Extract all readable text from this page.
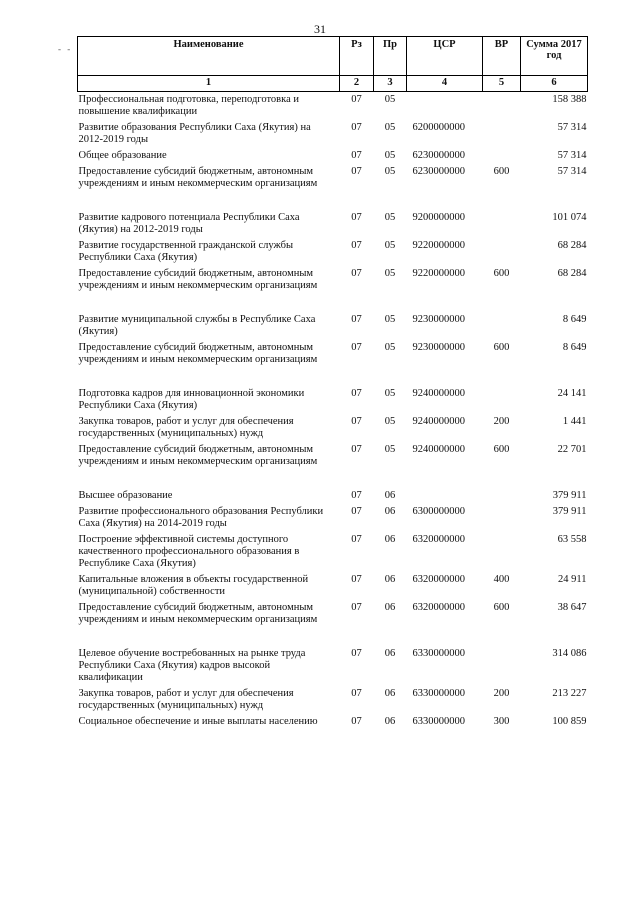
31
- -	Наименование	Рз	Пр	ЦСР	ВР	Сумма 2017 год
1	2	3	4	5	6
Профессиональная подготовка, переподготовка и повышение квалификации	07	05			158 388
Развитие образования Республики Саха (Якутия) на 2012-2019 годы	07	05	6200000000		57 314
Общее образование	07	05	6230000000		57 314
Предоставление субсидий бюджетным, автономным учреждениям и иным некоммерческим организациям	07	05	6230000000	600	57 314
Развитие кадрового потенциала Республики Саха (Якутия) на 2012-2019 годы	07	05	9200000000		101 074
Развитие государственной гражданской службы Республики Саха (Якутия)	07	05	9220000000		68 284
Предоставление субсидий бюджетным, автономным учреждениям и иным некоммерческим организациям	07	05	9220000000	600	68 284
Развитие муниципальной службы в Республике Саха (Якутия)	07	05	9230000000		8 649
Предоставление субсидий бюджетным, автономным учреждениям и иным некоммерческим организациям	07	05	9230000000	600	8 649
Подготовка кадров для инновационной экономики Республики Саха (Якутия)	07	05	9240000000		24 141
Закупка товаров, работ и услуг для обеспечения государственных (муниципальных) нужд	07	05	9240000000	200	1 441
Предоставление субсидий бюджетным, автономным учреждениям и иным некоммерческим организациям	07	05	9240000000	600	22 701
Высшее образование	07	06			379 911
Развитие профессионального образования Республики Саха (Якутия) на 2014-2019 годы	07	06	6300000000		379 911
Построение эффективной системы доступного качественного профессионального образования в Республике Саха (Якутия)	07	06	6320000000		63 558
Капитальные вложения в объекты государственной (муниципальной) собственности	07	06	6320000000	400	24 911
Предоставление субсидий бюджетным, автономным учреждениям и иным некоммерческим организациям	07	06	6320000000	600	38 647
Целевое обучение востребованных на рынке труда Республики Саха (Якутия) кадров высокой квалификации	07	06	6330000000		314 086
Закупка товаров, работ и услуг для обеспечения государственных (муниципальных) нужд	07	06	6330000000	200	213 227
Социальное обеспечение и иные выплаты населению	07	06	6330000000	300	100 859
